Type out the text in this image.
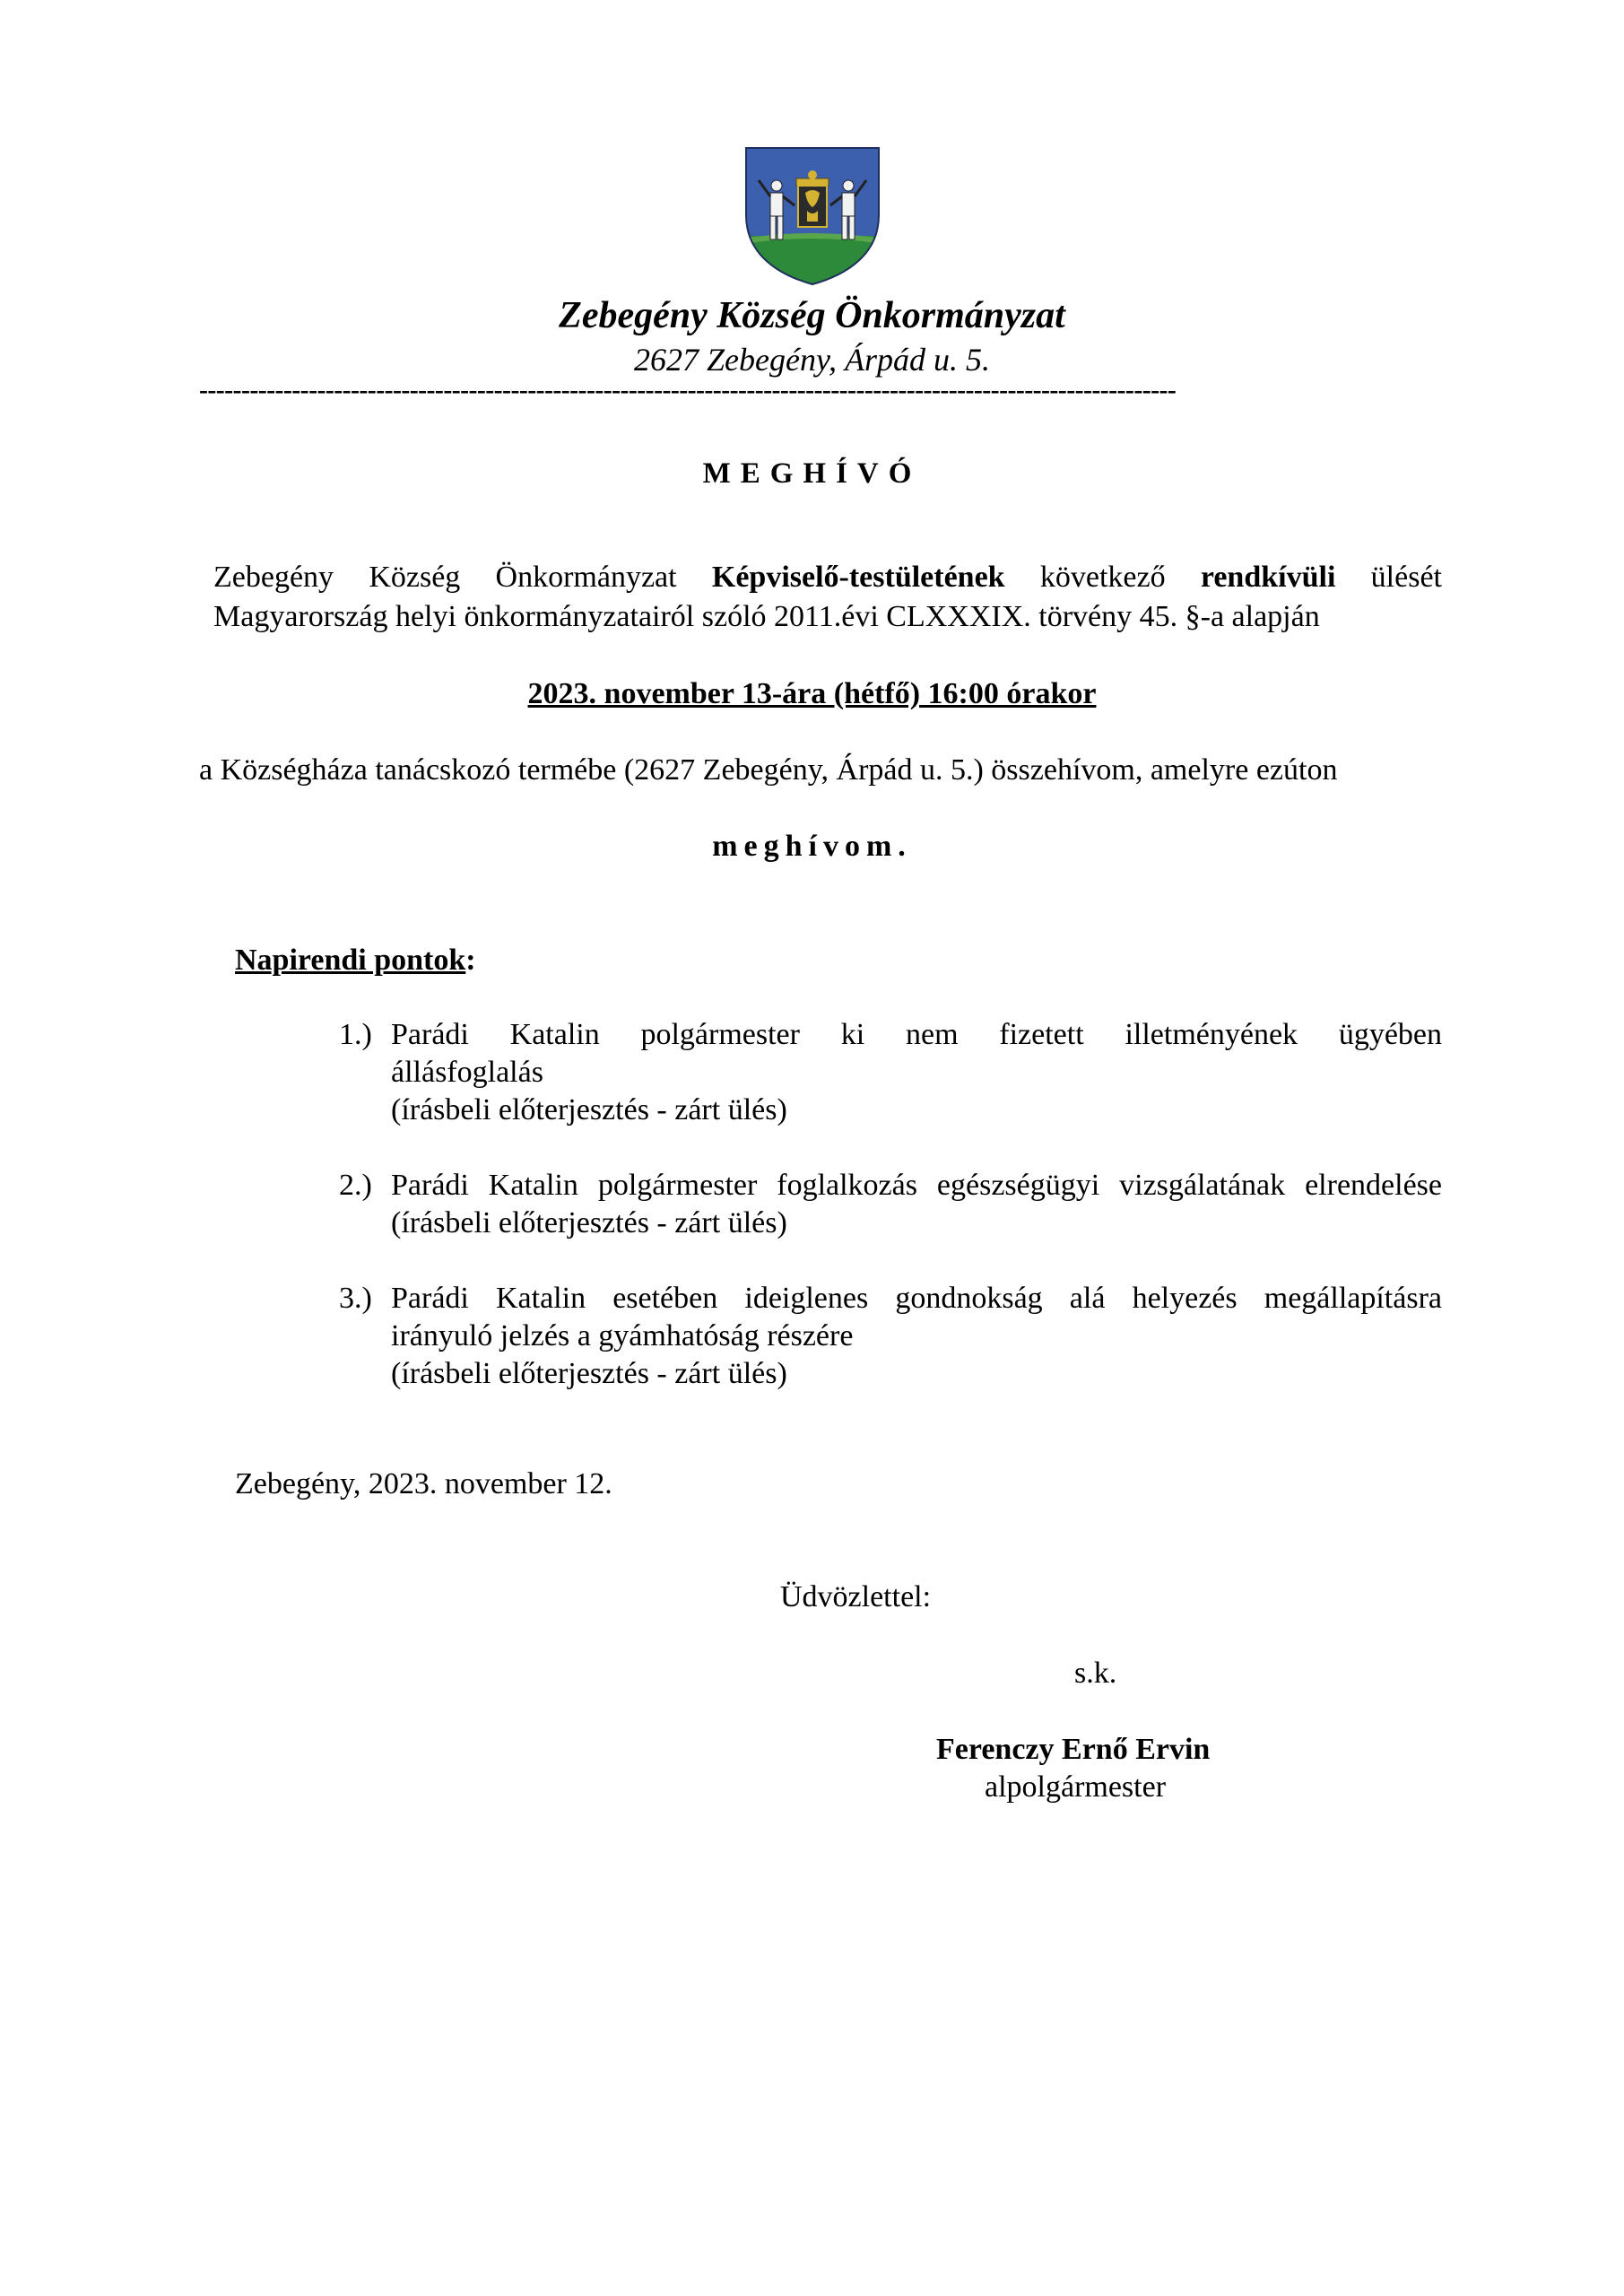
Zebegény Község Önkormányzat
2627 Zebegény, Árpád u. 5.
--------------------------------------------------------------------------------------------------------------------
MEGHÍVÓ
Zebegény Község Önkormányzat Képviselő-testületének következő rendkívüli ülését
Magyarország helyi önkormányzatairól szóló 2011.évi CLXXXIX. törvény 45. §-a alapján
2023. november 13-ára (hétfő) 16:00 órakor
a Községháza tanácskozó termébe (2627 Zebegény, Árpád u. 5.) összehívom, amelyre ezúton
meghívom.
Napirendi pontok:
1.) Parádi Katalin polgármester ki nem fizetett illetményének ügyében
állásfoglalás
(írásbeli előterjesztés - zárt ülés)
2.) Parádi Katalin polgármester foglalkozás egészségügyi vizsgálatának elrendelése
(írásbeli előterjesztés - zárt ülés)
3.) Parádi Katalin esetében ideiglenes gondnokság alá helyezés megállapításra
irányuló jelzés a gyámhatóság részére
(írásbeli előterjesztés - zárt ülés)
Zebegény, 2023. november 12.
Üdvözlettel:
s.k.
Ferenczy Ernő Ervin
alpolgármester
